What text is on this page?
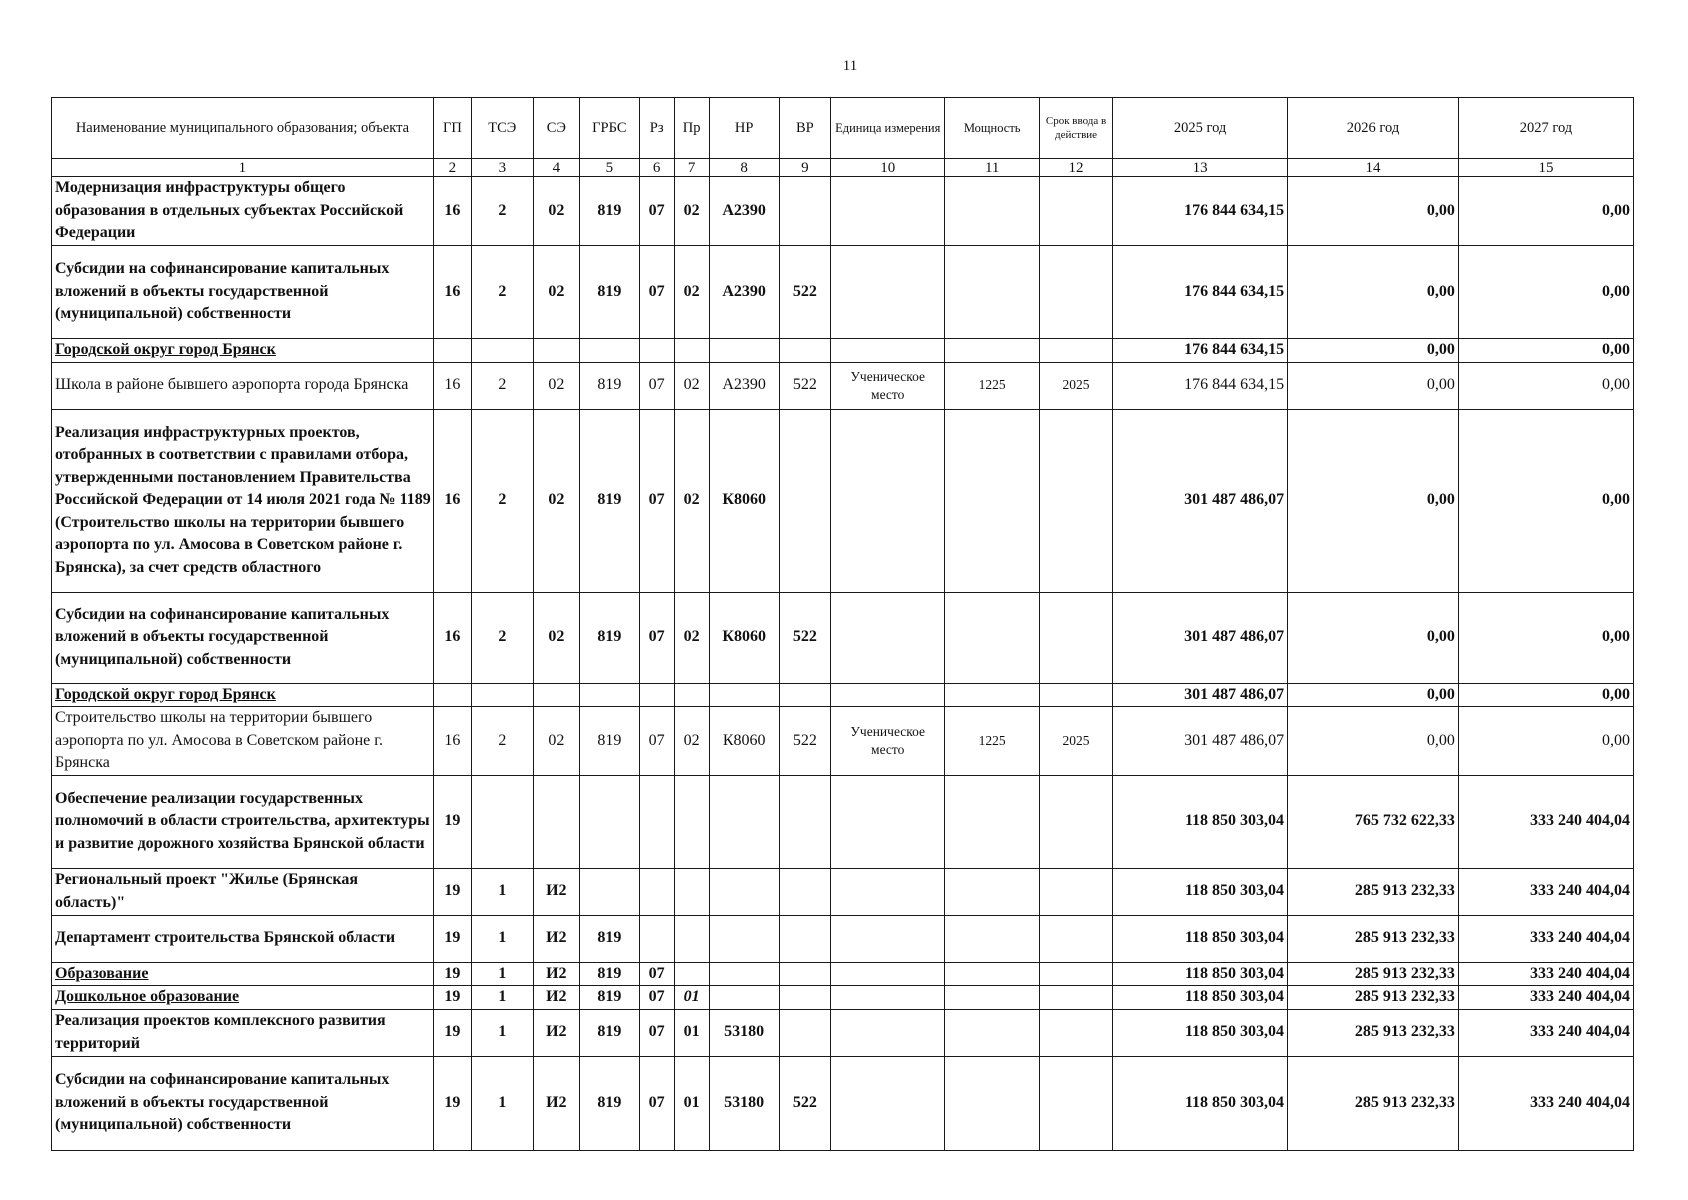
11
Наименование муниципального образования; объекта	ГП	ТСЭ	СЭ	ГРБС	Рз	Пр	НР	ВР	Единица измерения	Мощность	Срок ввода в действие	2025 год	2026 год	2027 год
1	2	3	4	5	6	7	8	9	10	11	12	13	14	15
Модернизация инфраструктуры общего образования в отдельных субъектах Российской Федерации	16	2	02	819	07	02	А2390					176 844 634,15	0,00	0,00
Субсидии на софинансирование капитальных вложений в объекты государственной (муниципальной) собственности	16	2	02	819	07	02	А2390	522				176 844 634,15	0,00	0,00
Городской округ город Брянск												176 844 634,15	0,00	0,00
Школа в районе бывшего аэропорта города Брянска	16	2	02	819	07	02	А2390	522	Ученическое место	1225	2025	176 844 634,15	0,00	0,00
Реализация инфраструктурных проектов, отобранных в соответствии с правилами отбора, утвержденными постановлением Правительства Российской Федерации от 14 июля 2021 года № 1189 (Строительство школы на территории бывшего аэропорта по ул. Амосова в Советском районе г. Брянска), за счет средств областного	16	2	02	819	07	02	К8060					301 487 486,07	0,00	0,00
Субсидии на софинансирование капитальных вложений в объекты государственной (муниципальной) собственности	16	2	02	819	07	02	К8060	522				301 487 486,07	0,00	0,00
Городской округ город Брянск												301 487 486,07	0,00	0,00
Строительство школы на территории бывшего аэропорта по ул. Амосова в Советском районе г. Брянска	16	2	02	819	07	02	К8060	522	Ученическое место	1225	2025	301 487 486,07	0,00	0,00
Обеспечение реализации государственных полномочий в области строительства, архитектуры и развитие дорожного хозяйства Брянской области	19											118 850 303,04	765 732 622,33	333 240 404,04
Региональный проект "Жилье (Брянская область)"	19	1	И2									118 850 303,04	285 913 232,33	333 240 404,04
Департамент строительства Брянской области	19	1	И2	819								118 850 303,04	285 913 232,33	333 240 404,04
Образование	19	1	И2	819	07							118 850 303,04	285 913 232,33	333 240 404,04
Дошкольное образование	19	1	И2	819	07	01						118 850 303,04	285 913 232,33	333 240 404,04
Реализация проектов комплексного развития территорий	19	1	И2	819	07	01	53180					118 850 303,04	285 913 232,33	333 240 404,04
Субсидии на софинансирование капитальных вложений в объекты государственной (муниципальной) собственности	19	1	И2	819	07	01	53180	522				118 850 303,04	285 913 232,33	333 240 404,04
